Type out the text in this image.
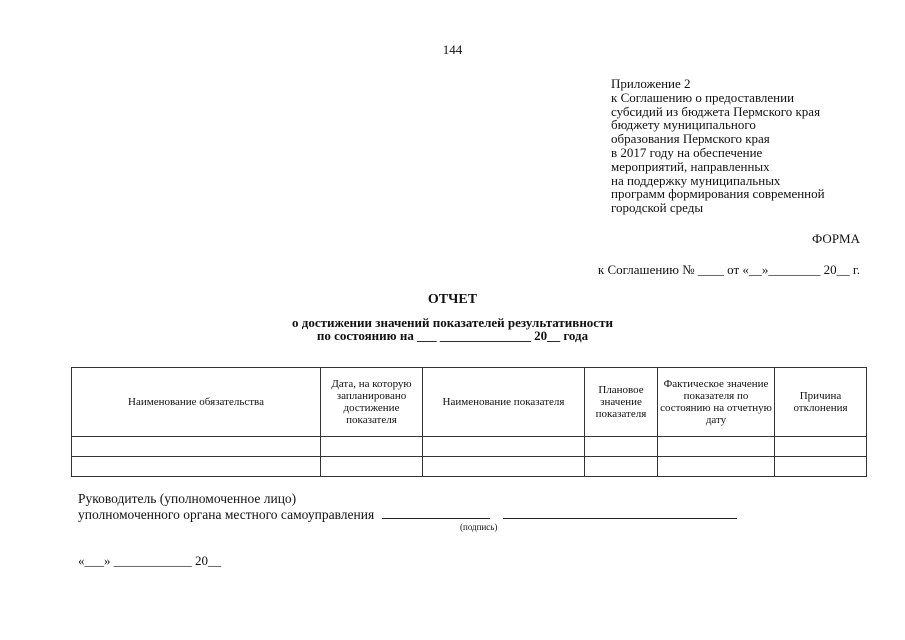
144
Приложение 2
к Соглашению о предоставлении
субсидий из бюджета Пермского края
бюджету муниципального
образования Пермского края
в 2017 году на обеспечение
мероприятий, направленных
на поддержку муниципальных
программ формирования современной
городской среды
ФОРМА
к Соглашению № ____ от «__»________ 20__ г.
ОТЧЕТ
о достижении значений показателей результативности
по состоянию на ___ ______________ 20__ года
Наименование обязательства	Дата, на которую запланировано достижение показателя	Наименование показателя	Плановое значение показателя	Фактическое значение показателя по состоянию на отчетную дату	Причина отклонения

Руководитель (уполномоченное лицо)
уполномоченного органа местного самоуправления
(подпись)
«___» ____________ 20__
